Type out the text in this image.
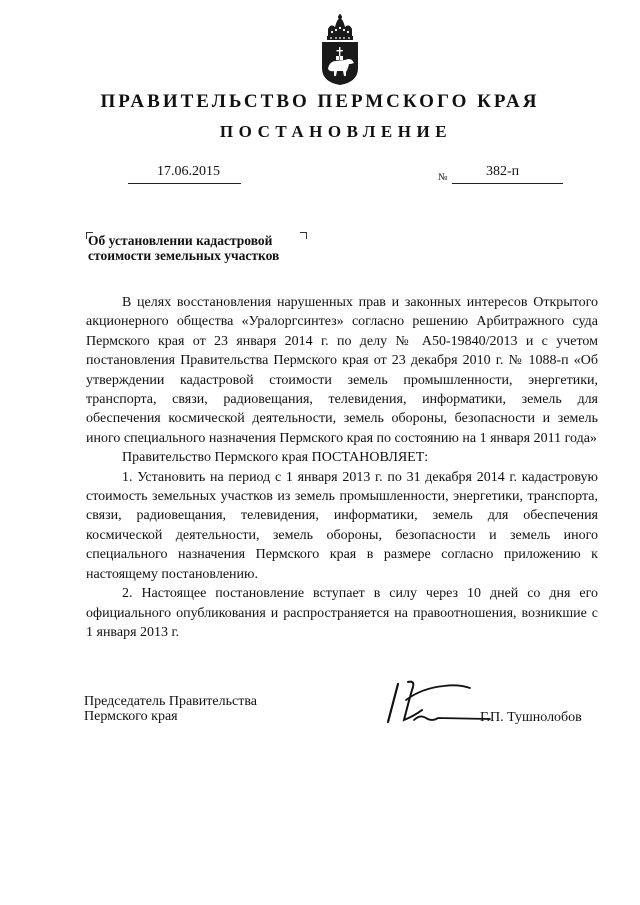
ПРАВИТЕЛЬСТВО ПЕРМСКОГО КРАЯ
ПОСТАНОВЛЕНИЕ
17.06.2015	№	382-п
Об установлении кадастровой
стоимости земельных участков

В целях восстановления нарушенных прав и законных интересов Открытого акционерного общества «Уралоргсинтез» согласно решению Арбитражного суда Пермского края от 23 января 2014 г. по делу № А50-19840/2013 и с учетом постановления Правительства Пермского края от 23 декабря 2010 г. № 1088-п «Об утверждении кадастровой стоимости земель промышленности, энергетики, транспорта, связи, радиовещания, телевидения, информатики, земель для обеспечения космической деятельности, земель обороны, безопасности и земель иного специального назначения Пермского края по состоянию на 1 января 2011 года»

Правительство Пермского края ПОСТАНОВЛЯЕТ:

1. Установить на период с 1 января 2013 г. по 31 декабря 2014 г. кадастровую стоимость земельных участков из земель промышленности, энергетики, транспорта, связи, радиовещания, телевидения, информатики, земель для обеспечения космической деятельности, земель обороны, безопасности и земель иного специального назначения Пермского края в размере согласно приложению к настоящему постановлению.

2. Настоящее постановление вступает в силу через 10 дней со дня его официального опубликования и распространяется на правоотношения, возникшие с 1 января 2013 г.

Председатель Правительства
Пермского края	Г.П. Тушнолобов
